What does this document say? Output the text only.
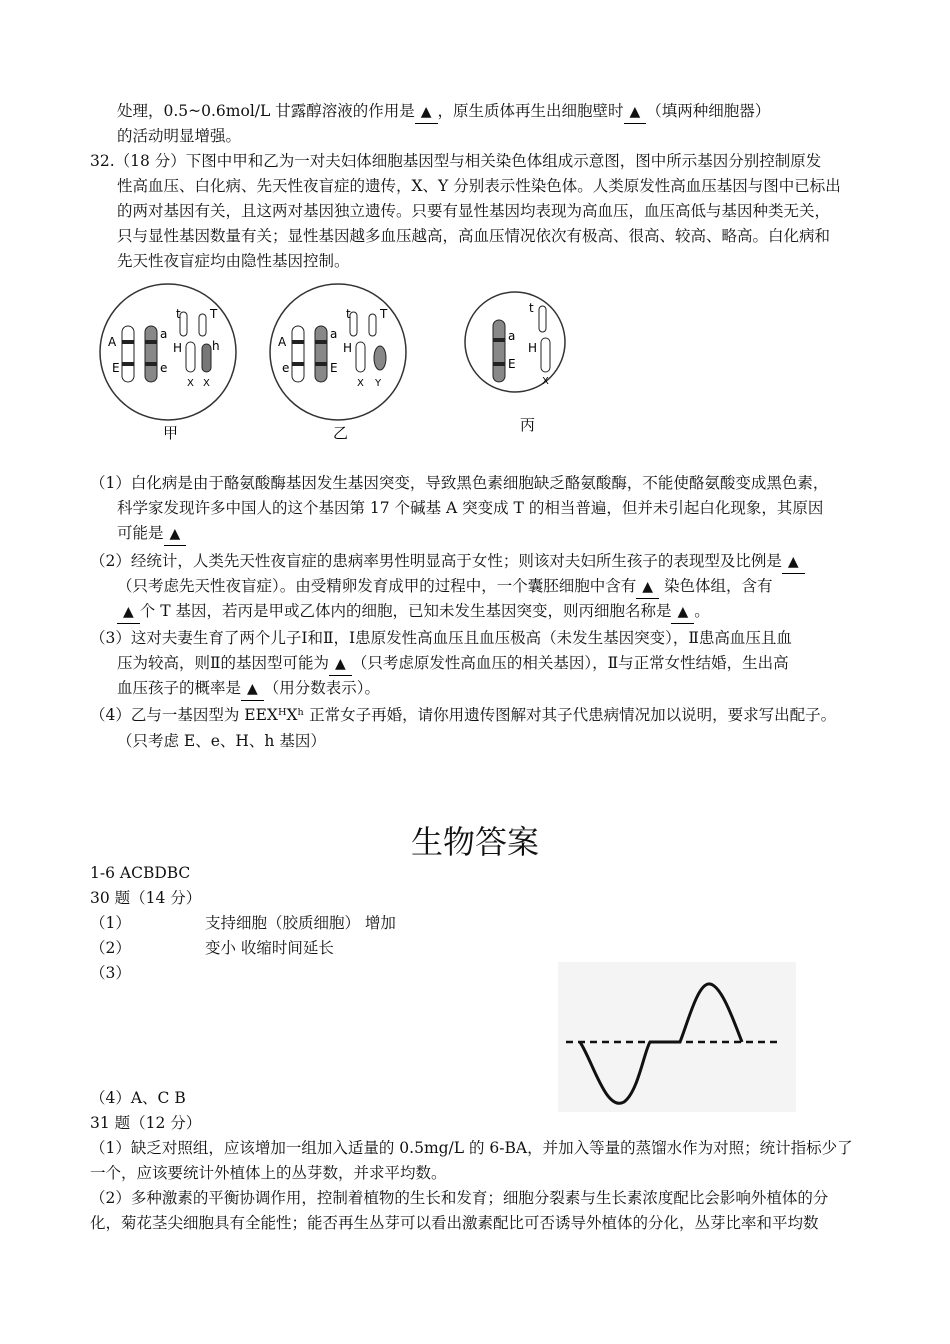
处理，0.5~0.6mol/L 甘露醇溶液的作用是 ▲ ，原生质体再生出细胞壁时 ▲ （填两种细胞器）
的活动明显增强。
32.（18 分）下图中甲和乙为一对夫妇体细胞基因型与相关染色体组成示意图，图中所示基因分别控制原发
性高血压、白化病、先天性夜盲症的遗传，X、Y 分别表示性染色体。人类原发性高血压基因与图中已标出
的两对基因有关，且这两对基因独立遗传。只要有显性基因均表现为高血压，血压高低与基因种类无关，
只与显性基因数量有关；显性基因越多血压越高，高血压情况依次有极高、很高、较高、略高。白化病和
先天性夜盲症均由隐性基因控制。
（1）白化病是由于酪氨酸酶基因发生基因突变，导致黑色素细胞缺乏酪氨酸酶，不能使酪氨酸变成黑色素，
科学家发现许多中国人的这个基因第 17 个碱基 A 突变成 T 的相当普遍，但并未引起白化现象，其原因
可能是 ▲
（2）经统计，人类先天性夜盲症的患病率男性明显高于女性；则该对夫妇所生孩子的表现型及比例是 ▲
（只考虑先天性夜盲症）。由受精卵发育成甲的过程中，一个囊胚细胞中含有 ▲ 染色体组，含有
▲ 个 T 基因，若丙是甲或乙体内的细胞，已知未发生基因突变，则丙细胞名称是 ▲ 。
（3）这对夫妻生育了两个儿子Ⅰ和Ⅱ，Ⅰ患原发性高血压且血压极高（未发生基因突变），Ⅱ患高血压且血
压为较高，则Ⅱ的基因型可能为 ▲ （只考虑原发性高血压的相关基因），Ⅱ与正常女性结婚，生出高
血压孩子的概率是 ▲ （用分数表示）。
（4）乙与一基因型为 EEXᴴXʰ 正常女子再婚，请你用遗传图解对其子代患病情况加以说明，要求写出配子。
（只考虑 E、e、H、h 基因）
1-6 ACBDBC
30 题（14 分）
（1）	支持细胞（胶质细胞） 增加
（2）	变小 收缩时间延长
（3）
（4）A、C B
31 题（12 分）
（1）缺乏对照组，应该增加一组加入适量的 0.5mg/L 的 6-BA，并加入等量的蒸馏水作为对照；统计指标少了
一个，应该要统计外植体上的丛芽数，并求平均数。
（2）多种激素的平衡协调作用，控制着植物的生长和发育；细胞分裂素与生长素浓度配比会影响外植体的分
化，菊花茎尖细胞具有全能性；能否再生丛芽可以看出激素配比可否诱导外植体的分化，丛芽比率和平均数
生物答案
A
E
a
e
t T
H h
X X
甲
A
e
a
E
t T
H
X Y
乙
a
E
t
H
X
丙
